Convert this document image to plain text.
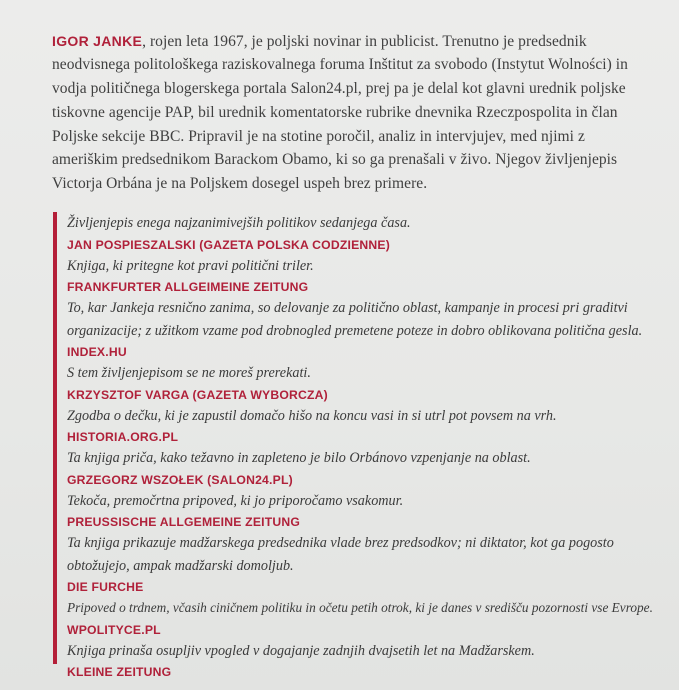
IGOR JANKE, rojen leta 1967, je poljski novinar in publicist. Trenutno je predsednik neodvisnega politološkega raziskovalnega foruma Inštitut za svobodo (Instytut Wolności) in vodja političnega blogerskega portala Salon24.pl, prej pa je delal kot glavni urednik poljske tiskovne agencije PAP, bil urednik komentatorske rubrike dnevnika Rzeczpospolita in član Poljske sekcije BBC. Pripravil je na stotine poročil, analiz in intervjujev, med njimi z ameriškim predsednikom Barackom Obamo, ki so ga prenašali v živo. Njegov življenjepis Victorja Orbána je na Poljskem dosegel uspeh brez primere.

Življenjepis enega najzanimivejših politikov sedanjega časa.

JAN POSPIESZALSKI (GAZETA POLSKA CODZIENNE)

Knjiga, ki pritegne kot pravi politični triler.

FRANKFURTER ALLGEIMEINE ZEITUNG

To, kar Jankeja resnično zanima, so delovanje za politično oblast, kampanje in procesi pri graditvi organizacije; z užitkom vzame pod drobnogled premetene poteze in dobro oblikovana politična gesla.

INDEX.HU

S tem življenjepisom se ne moreš prerekati.

KRZYSZTOF VARGA (GAZETA WYBORCZA)

Zgodba o dečku, ki je zapustil domačo hišo na koncu vasi in si utrl pot povsem na vrh.

HISTORIA.ORG.PL

Ta knjiga priča, kako težavno in zapleteno je bilo Orbánovo vzpenjanje na oblast.

GRZEGORZ WSZOŁEK (SALON24.PL)

Tekoča, premočrtna pripoved, ki jo priporočamo vsakomur.

PREUSSISCHE ALLGEMEINE ZEITUNG

Ta knjiga prikazuje madžarskega predsednika vlade brez predsodkov; ni diktator, kot ga pogosto obtožujejo, ampak madžarski domoljub.

DIE FURCHE

Pripoved o trdnem, včasih ciničnem politiku in očetu petih otrok, ki je danes v središču pozornosti vse Evrope.

WPOLITYCE.PL

Knjiga prinaša osupljiv vpogled v dogajanje zadnjih dvajsetih let na Madžarskem.

KLEINE ZEITUNG
